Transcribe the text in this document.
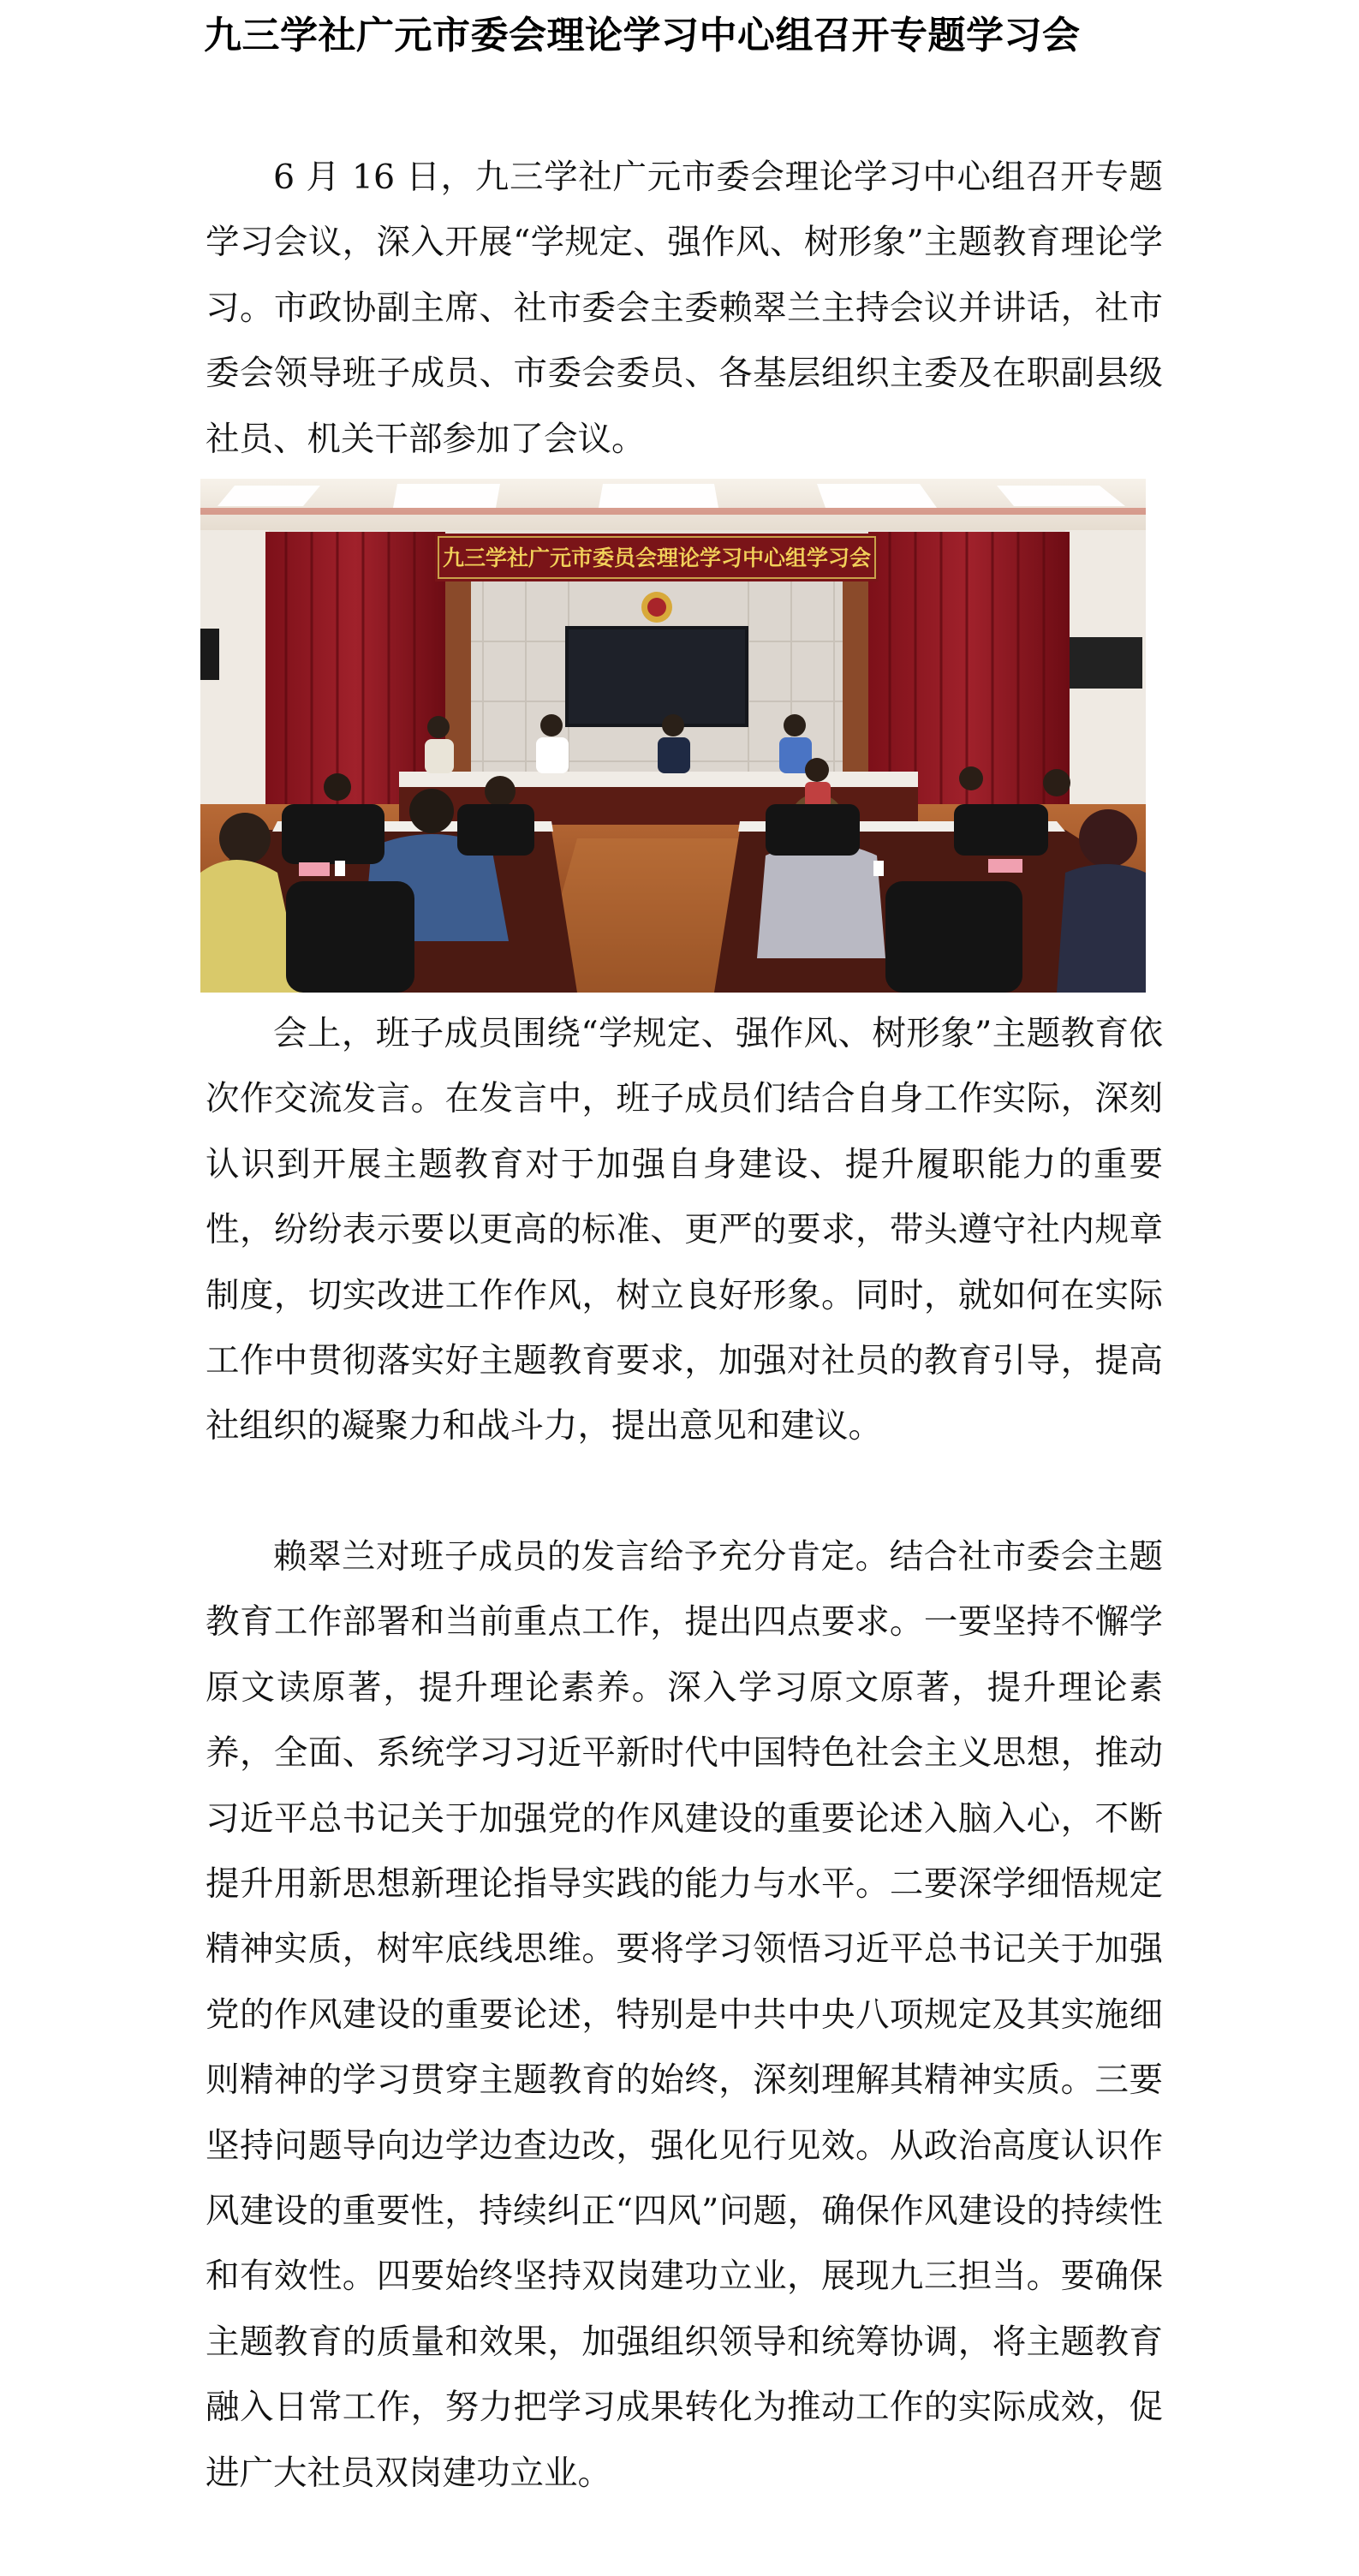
九三学社广元市委会理论学习中心组召开专题学习会

6 月 16 日，九三学社广元市委会理论学习中心组召开专题学习会议，深入开展“学规定、强作风、树形象”主题教育理论学习。市政协副主席、社市委会主委赖翠兰主持会议并讲话，社市委会领导班子成员、市委会委员、各基层组织主委及在职副县级社员、机关干部参加了会议。

九三学社广元市委员会理论学习中心组学习会

会上，班子成员围绕“学规定、强作风、树形象”主题教育依次作交流发言。在发言中，班子成员们结合自身工作实际，深刻认识到开展主题教育对于加强自身建设、提升履职能力的重要性，纷纷表示要以更高的标准、更严的要求，带头遵守社内规章制度，切实改进工作作风，树立良好形象。同时，就如何在实际工作中贯彻落实好主题教育要求，加强对社员的教育引导，提高社组织的凝聚力和战斗力，提出意见和建议。

赖翠兰对班子成员的发言给予充分肯定。结合社市委会主题教育工作部署和当前重点工作，提出四点要求。一要坚持不懈学原文读原著，提升理论素养。深入学习原文原著，提升理论素养，全面、系统学习习近平新时代中国特色社会主义思想，推动习近平总书记关于加强党的作风建设的重要论述入脑入心，不断提升用新思想新理论指导实践的能力与水平。二要深学细悟规定精神实质，树牢底线思维。要将学习领悟习近平总书记关于加强党的作风建设的重要论述，特别是中共中央八项规定及其实施细则精神的学习贯穿主题教育的始终，深刻理解其精神实质。三要坚持问题导向边学边查边改，强化见行见效。从政治高度认识作风建设的重要性，持续纠正“四风”问题，确保作风建设的持续性和有效性。四要始终坚持双岗建功立业，展现九三担当。要确保主题教育的质量和效果，加强组织领导和统筹协调，将主题教育融入日常工作，努力把学习成果转化为推动工作的实际成效，促进广大社员双岗建功立业。
